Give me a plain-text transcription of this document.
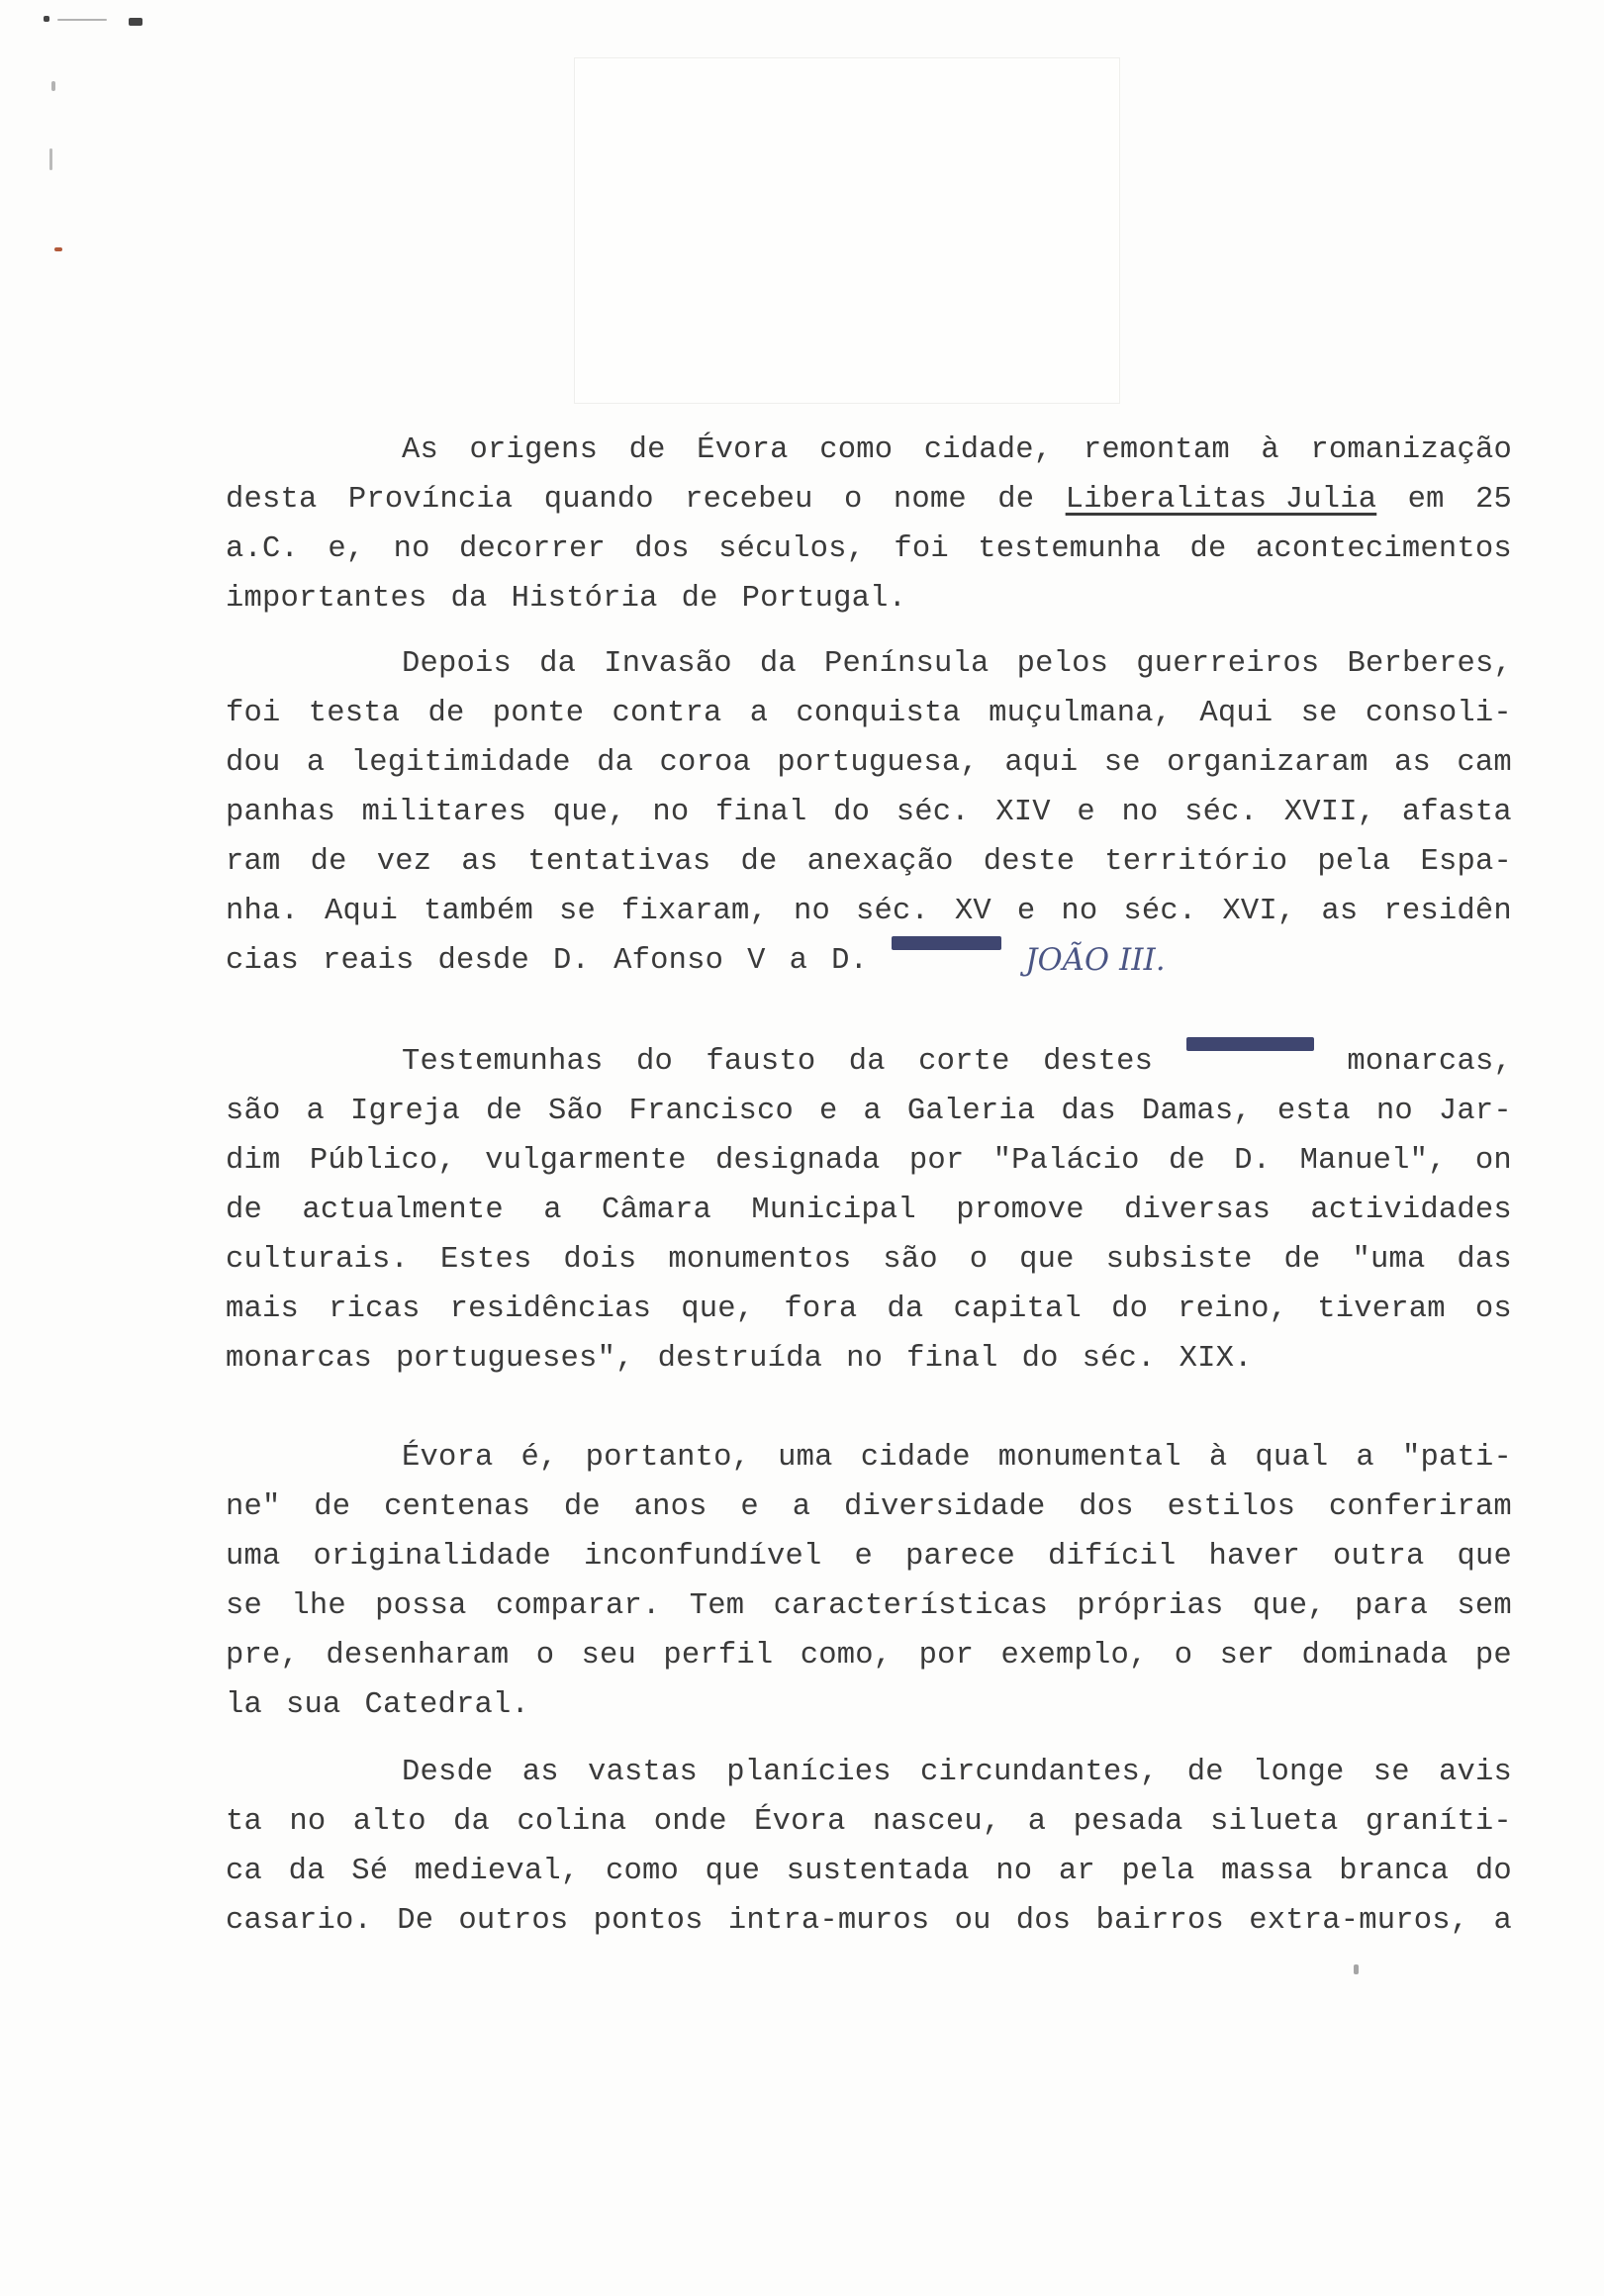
As origens de Évora como cidade, remontam à romanização
desta Província quando recebeu o nome de Liberalitas Julia em 25
a.C. e, no decorrer dos séculos, foi testemunha de acontecimentos
importantes da História de Portugal.
Depois da Invasão da Península pelos guerreiros Berberes,
foi testa de ponte contra a conquista muçulmana, Aqui se consoli-
dou a legitimidade da coroa portuguesa, aqui se organizaram as cam
panhas militares que, no final do séc. XIV e no séc. XVII, afasta
ram de vez as tentativas de anexação deste território pela Espa-
nha. Aqui também se fixaram, no séc. XV e no séc. XVI, as residên
cias reais desde D. Afonso V a D.	JOÃO III.
Testemunhas do fausto da corte destes	monarcas,
são a Igreja de São Francisco e a Galeria das Damas, esta no Jar-
dim Público, vulgarmente designada por "Palácio de D. Manuel", on
de actualmente a Câmara Municipal promove diversas actividades
culturais. Estes dois monumentos são o que subsiste de "uma das
mais ricas residências que, fora da capital do reino, tiveram os
monarcas portugueses", destruída no final do séc. XIX.
Évora é, portanto, uma cidade monumental à qual a "pati-
ne" de centenas de anos e a diversidade dos estilos conferiram
uma originalidade inconfundível e parece difícil haver outra que
se lhe possa comparar. Tem características próprias que, para sem
pre, desenharam o seu perfil como, por exemplo, o ser dominada pe
la sua Catedral.
Desde as vastas planícies circundantes, de longe se avis
ta no alto da colina onde Évora nasceu, a pesada silueta graníti-
ca da Sé medieval, como que sustentada no ar pela massa branca do
casario. De outros pontos intra-muros ou dos bairros extra-muros, a
